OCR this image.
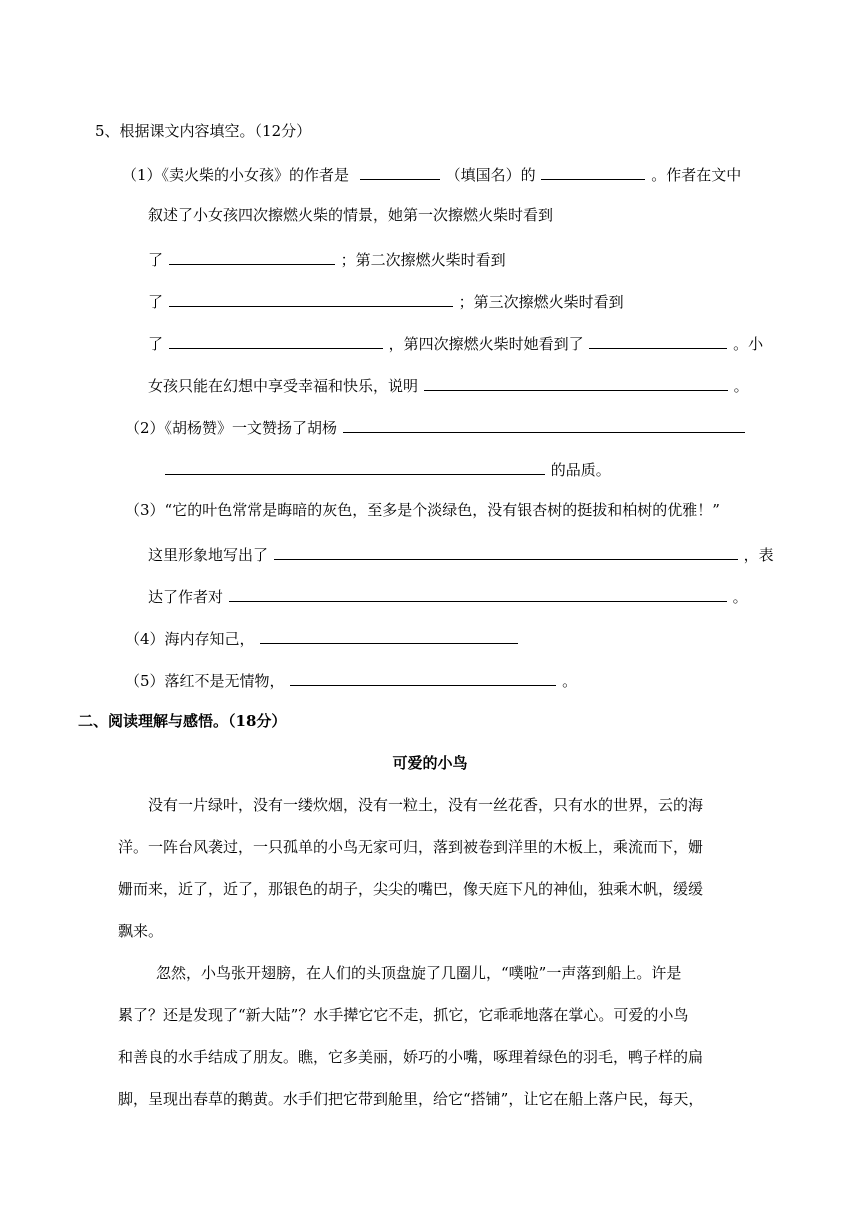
5、根据课文内容填空。（12分）
（1）《卖火柴的小女孩》的作者是	（填国名）的	。作者在文中
叙述了小女孩四次擦燃火柴的情景，她第一次擦燃火柴时看到
了	；第二次擦燃火柴时看到
了	；第三次擦燃火柴时看到
了	，第四次擦燃火柴时她看到了	。小
女孩只能在幻想中享受幸福和快乐，说明	。
（2）《胡杨赞》一文赞扬了胡杨
的品质。
（3）“它的叶色常常是晦暗的灰色，至多是个淡绿色，没有银杏树的挺拔和柏树的优雅！”
这里形象地写出了	，表
达了作者对	。
（4）海内存知己，
（5）落红不是无情物，	。
二、阅读理解与感悟。（18分）
可爱的小鸟
没有一片绿叶，没有一缕炊烟，没有一粒土，没有一丝花香，只有水的世界，云的海
洋。一阵台风袭过，一只孤单的小鸟无家可归，落到被卷到洋里的木板上，乘流而下，姗
姗而来，近了，近了，那银色的胡子，尖尖的嘴巴，像天庭下凡的神仙，独乘木帆，缓缓
飘来。
忽然，小鸟张开翅膀，在人们的头顶盘旋了几圈儿，“噗啦”一声落到船上。许是
累了？还是发现了“新大陆”？水手撵它它不走，抓它，它乖乖地落在掌心。可爱的小鸟
和善良的水手结成了朋友。瞧，它多美丽，娇巧的小嘴，啄理着绿色的羽毛，鸭子样的扁
脚，呈现出春草的鹅黄。水手们把它带到舱里，给它“搭铺”，让它在船上落户民，每天，
